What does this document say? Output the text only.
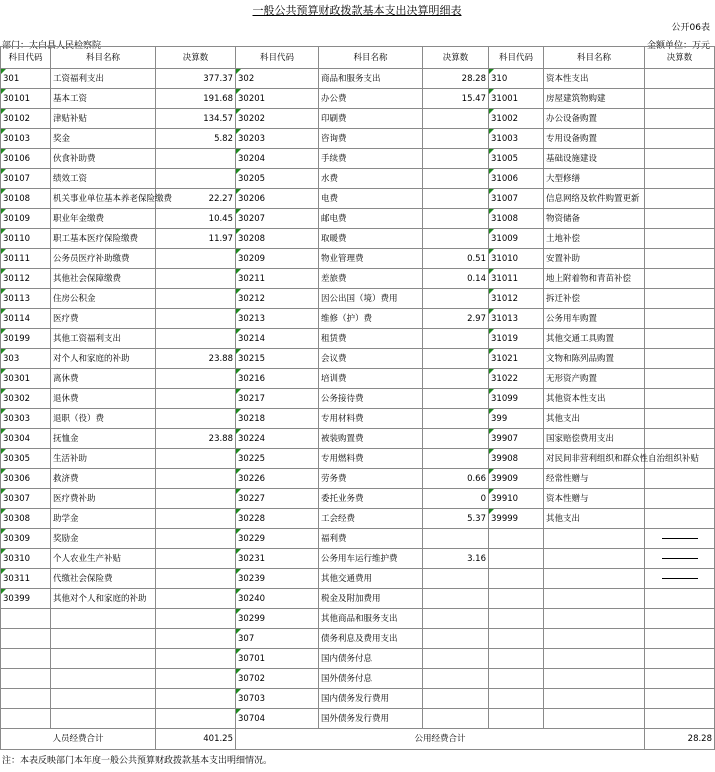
一般公共预算财政拨款基本支出决算明细表
公开06表
部门：太白县人民检察院	金额单位：万元
科目代码	科目名称	决算数	科目代码	科目名称	决算数	科目代码	科目名称	决算数
301	工资福利支出	377.37	302	商品和服务支出	28.28	310	资本性支出	
30101	基本工资	191.68	30201	办公费	15.47	31001	房屋建筑物购建	
30102	津贴补贴	134.57	30202	印刷费		31002	办公设备购置	
30103	奖金	5.82	30203	咨询费		31003	专用设备购置	
30106	伙食补助费		30204	手续费		31005	基础设施建设	
30107	绩效工资		30205	水费		31006	大型修缮	
30108	机关事业单位基本养老保险缴费	22.27	30206	电费		31007	信息网络及软件购置更新	
30109	职业年金缴费	10.45	30207	邮电费		31008	物资储备	
30110	职工基本医疗保险缴费	11.97	30208	取暖费		31009	土地补偿	
30111	公务员医疗补助缴费		30209	物业管理费	0.51	31010	安置补助	
30112	其他社会保障缴费		30211	差旅费	0.14	31011	地上附着物和青苗补偿	
30113	住房公积金		30212	因公出国（境）费用		31012	拆迁补偿	
30114	医疗费		30213	维修（护）费	2.97	31013	公务用车购置	
30199	其他工资福利支出		30214	租赁费		31019	其他交通工具购置	
303	对个人和家庭的补助	23.88	30215	会议费		31021	文物和陈列品购置	
30301	离休费		30216	培训费		31022	无形资产购置	
30302	退休费		30217	公务接待费		31099	其他资本性支出	
30303	退职（役）费		30218	专用材料费		399	其他支出	
30304	抚恤金	23.88	30224	被装购置费		39907	国家赔偿费用支出	
30305	生活补助		30225	专用燃料费		39908	对民间非营利组织和群众性自治组织补贴	
30306	救济费		30226	劳务费	0.66	39909	经常性赠与	
30307	医疗费补助		30227	委托业务费	0	39910	资本性赠与	
30308	助学金		30228	工会经费	5.37	39999	其他支出	
30309	奖励金		30229	福利费				
30310	个人农业生产补贴		30231	公务用车运行维护费	3.16			
30311	代缴社会保险费		30239	其他交通费用				
30399	其他对个人和家庭的补助		30240	税金及附加费用				
			30299	其他商品和服务支出				
			307	债务利息及费用支出				
			30701	国内债务付息				
			30702	国外债务付息				
			30703	国内债务发行费用				
			30704	国外债务发行费用				
人员经费合计		401.25	公用经费合计					28.28
注：本表反映部门本年度一般公共预算财政拨款基本支出明细情况。
